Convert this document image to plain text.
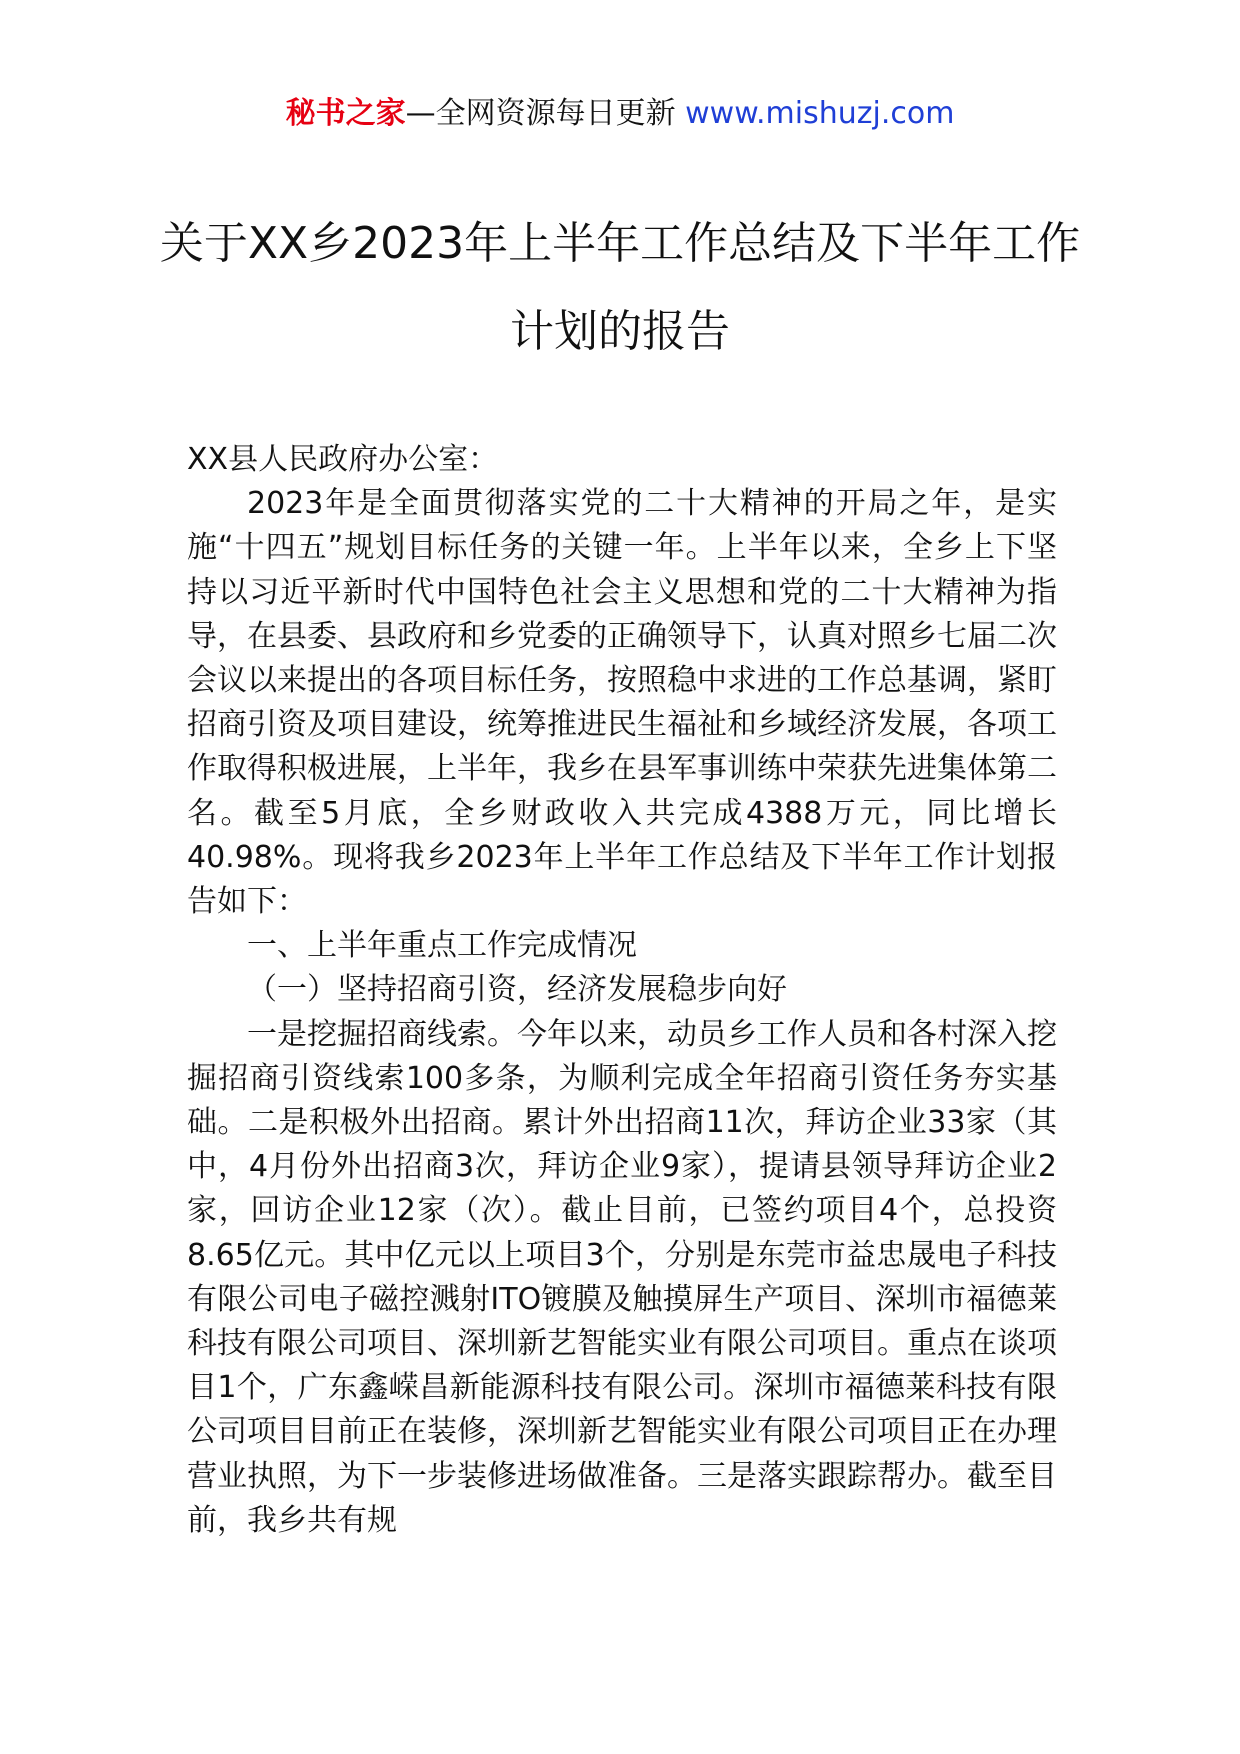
秘书之家—全网资源每日更新 www.mishuzj.com
关于XX乡2023年上半年工作总结及下半年工作计划的报告

XX县人民政府办公室：

2023年是全面贯彻落实党的二十大精神的开局之年，是实施“十四五”规划目标任务的关键一年。上半年以来，全乡上下坚持以习近平新时代中国特色社会主义思想和党的二十大精神为指导，在县委、县政府和乡党委的正确领导下，认真对照乡七届二次会议以来提出的各项目标任务，按照稳中求进的工作总基调，紧盯招商引资及项目建设，统筹推进民生福祉和乡域经济发展，各项工作取得积极进展，上半年，我乡在县军事训练中荣获先进集体第二名。截至5月底，全乡财政收入共完成4388万元，同比增长40.98%。现将我乡2023年上半年工作总结及下半年工作计划报告如下：

一、上半年重点工作完成情况

（一）坚持招商引资，经济发展稳步向好

一是挖掘招商线索。今年以来，动员乡工作人员和各村深入挖掘招商引资线索100多条，为顺利完成全年招商引资任务夯实基础。二是积极外出招商。累计外出招商11次，拜访企业33家（其中，4月份外出招商3次，拜访企业9家），提请县领导拜访企业2家，回访企业12家（次）。截止目前，已签约项目4个，总投资8.65亿元。其中亿元以上项目3个，分别是东莞市益忠晟电子科技有限公司电子磁控溅射ITO镀膜及触摸屏生产项目、深圳市福德莱科技有限公司项目、深圳新艺智能实业有限公司项目。重点在谈项目1个，广东鑫嵘昌新能源科技有限公司。深圳市福德莱科技有限公司项目目前正在装修，深圳新艺智能实业有限公司项目正在办理营业执照，为下一步装修进场做准备。三是落实跟踪帮办。截至目前，我乡共有规
